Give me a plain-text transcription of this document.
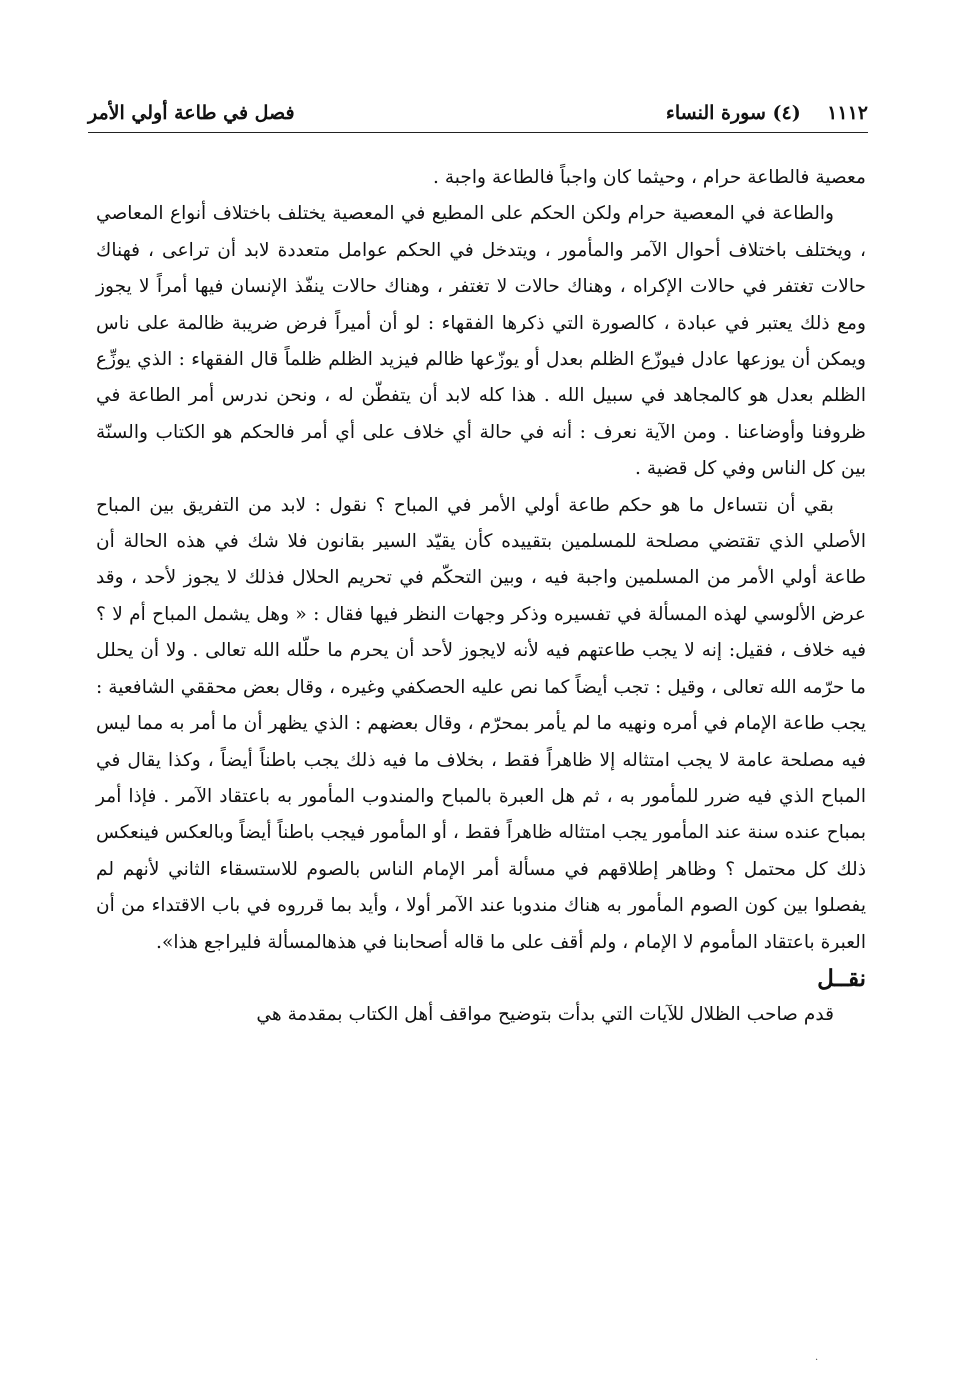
١١١٢    (٤) سورة النساء
فصل في طاعة أولي الأمر

معصية فالطاعة حرام ، وحيثما كان واجباً فالطاعة واجبة .

والطاعة في المعصية حرام ولكن الحكم على المطيع في المعصية يختلف باختلاف أنواع المعاصي ، ويختلف باختلاف أحوال الآمر والمأمور ، ويتدخل في الحكم عوامل متعددة لابد أن تراعى ، فهناك حالات تغتفر في حالات الإكراه ، وهناك حالات لا تغتفر ، وهناك حالات ينفّذ الإنسان فيها أمراً لا يجوز ومع ذلك يعتبر في عبادة ، كالصورة التي ذكرها الفقهاء : لو أن أميراً فرض ضريبة ظالمة على ناس ويمكن أن يوزعها عادل فيوزّع الظلم بعدل أو يوزّعها ظالم فيزيد الظلم ظلماً قال الفقهاء : الذي يوزِّع الظلم بعدل هو كالمجاهد في سبيل الله . هذا كله لابد أن يتفطّن له ، ونحن ندرس أمر الطاعة في ظروفنا وأوضاعنا . ومن الآية نعرف : أنه في حالة أي خلاف على أي أمر فالحكم هو الكتاب والسنّة بين كل الناس وفي كل قضية .

بقي أن نتساءل ما هو حكم طاعة أولي الأمر في المباح ؟ نقول : لابد من التفريق بين المباح الأصلي الذي تقتضي مصلحة للمسلمين بتقييده كأن يقيّد السير بقانون فلا شك في هذه الحالة أن طاعة أولي الأمر من المسلمين واجبة فيه ، وبين التحكّم في تحريم الحلال فذلك لا يجوز لأحد ، وقد عرض الألوسي لهذه المسألة في تفسيره وذكر وجهات النظر فيها فقال : « وهل يشمل المباح أم لا ؟ فيه خلاف ، فقيل: إنه لا يجب طاعتهم فيه لأنه لايجوز لأحد أن يحرم ما حلّله الله تعالى . ولا أن يحلل ما حرّمه الله تعالى ، وقيل : تجب أيضاً كما نص عليه الحصكفي وغيره ، وقال بعض محققي الشافعية : يجب طاعة الإمام في أمره ونهيه ما لم يأمر بمحرّم ، وقال بعضهم : الذي يظهر أن ما أمر به مما ليس فيه مصلحة عامة لا يجب امتثاله إلا ظاهراً فقط ، بخلاف ما فيه ذلك يجب باطناً أيضاً ، وكذا يقال في المباح الذي فيه ضرر للمأمور به ، ثم هل العبرة بالمباح والمندوب المأمور به باعتقاد الآمر . فإذا أمر بمباح عنده سنة عند المأمور يجب امتثاله ظاهراً فقط ، أو المأمور فيجب باطناً أيضاً وبالعكس فينعكس ذلك كل محتمل ؟ وظاهر إطلاقهم في مسألة أمر الإمام الناس بالصوم للاستسقاء الثاني لأنهم لم يفصلوا بين كون الصوم المأمور به هناك مندوبا عند الآمر أولا ، وأيد بما قرروه في باب الاقتداء من أن العبرة باعتقاد المأموم لا الإمام ، ولم أقف على ما قاله أصحابنا في هذهالمسألة فليراجع هذا».

نقــل

قدم صاحب الظلال للآيات التي بدأت بتوضيح مواقف أهل الكتاب بمقدمة هي

·
